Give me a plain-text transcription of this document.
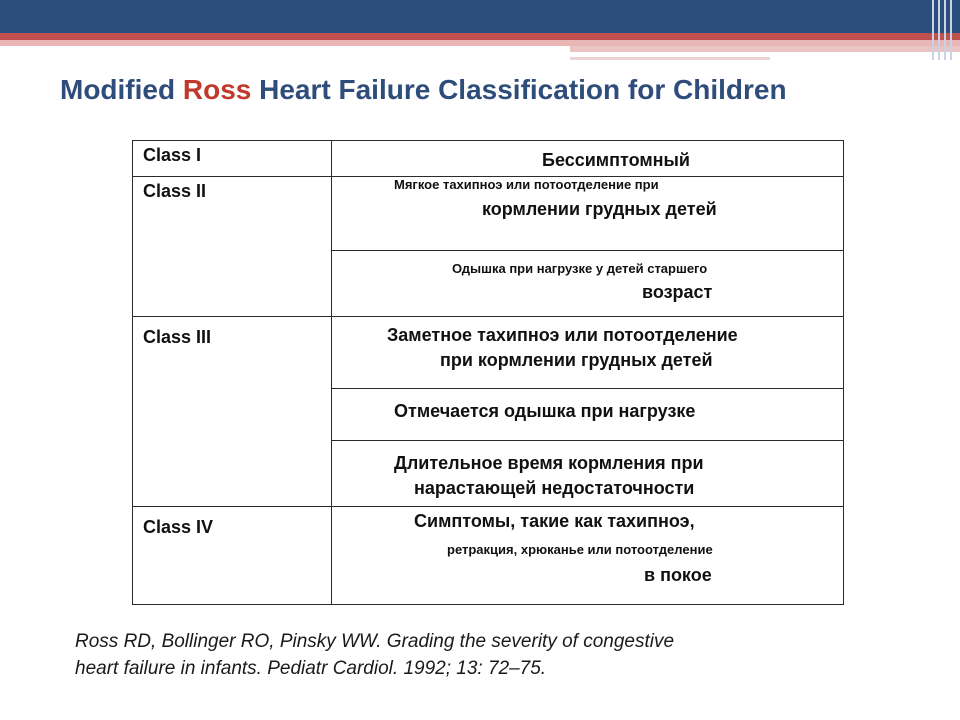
Modified Ross Heart Failure Classification for Children
Class I	Бессимптомный

Class II	Мягкое тахипноэ или потоотделение при
кормлении грудных детей

	Одышка при нагрузке у детей старшего
возраст

Class III	Заметное тахипноэ или потоотделение
при кормлении грудных детей

	Отмечается одышка при нагрузке

	Длительное время кормления при
нарастающей недостаточности

Class IV	Симптомы, такие как тахипноэ,
ретракция, хрюканье или потоотделение
в покое
Ross RD, Bollinger RO, Pinsky WW. Grading the severity of congestive
heart failure in infants. Pediatr Cardiol. 1992; 13: 72–75.
